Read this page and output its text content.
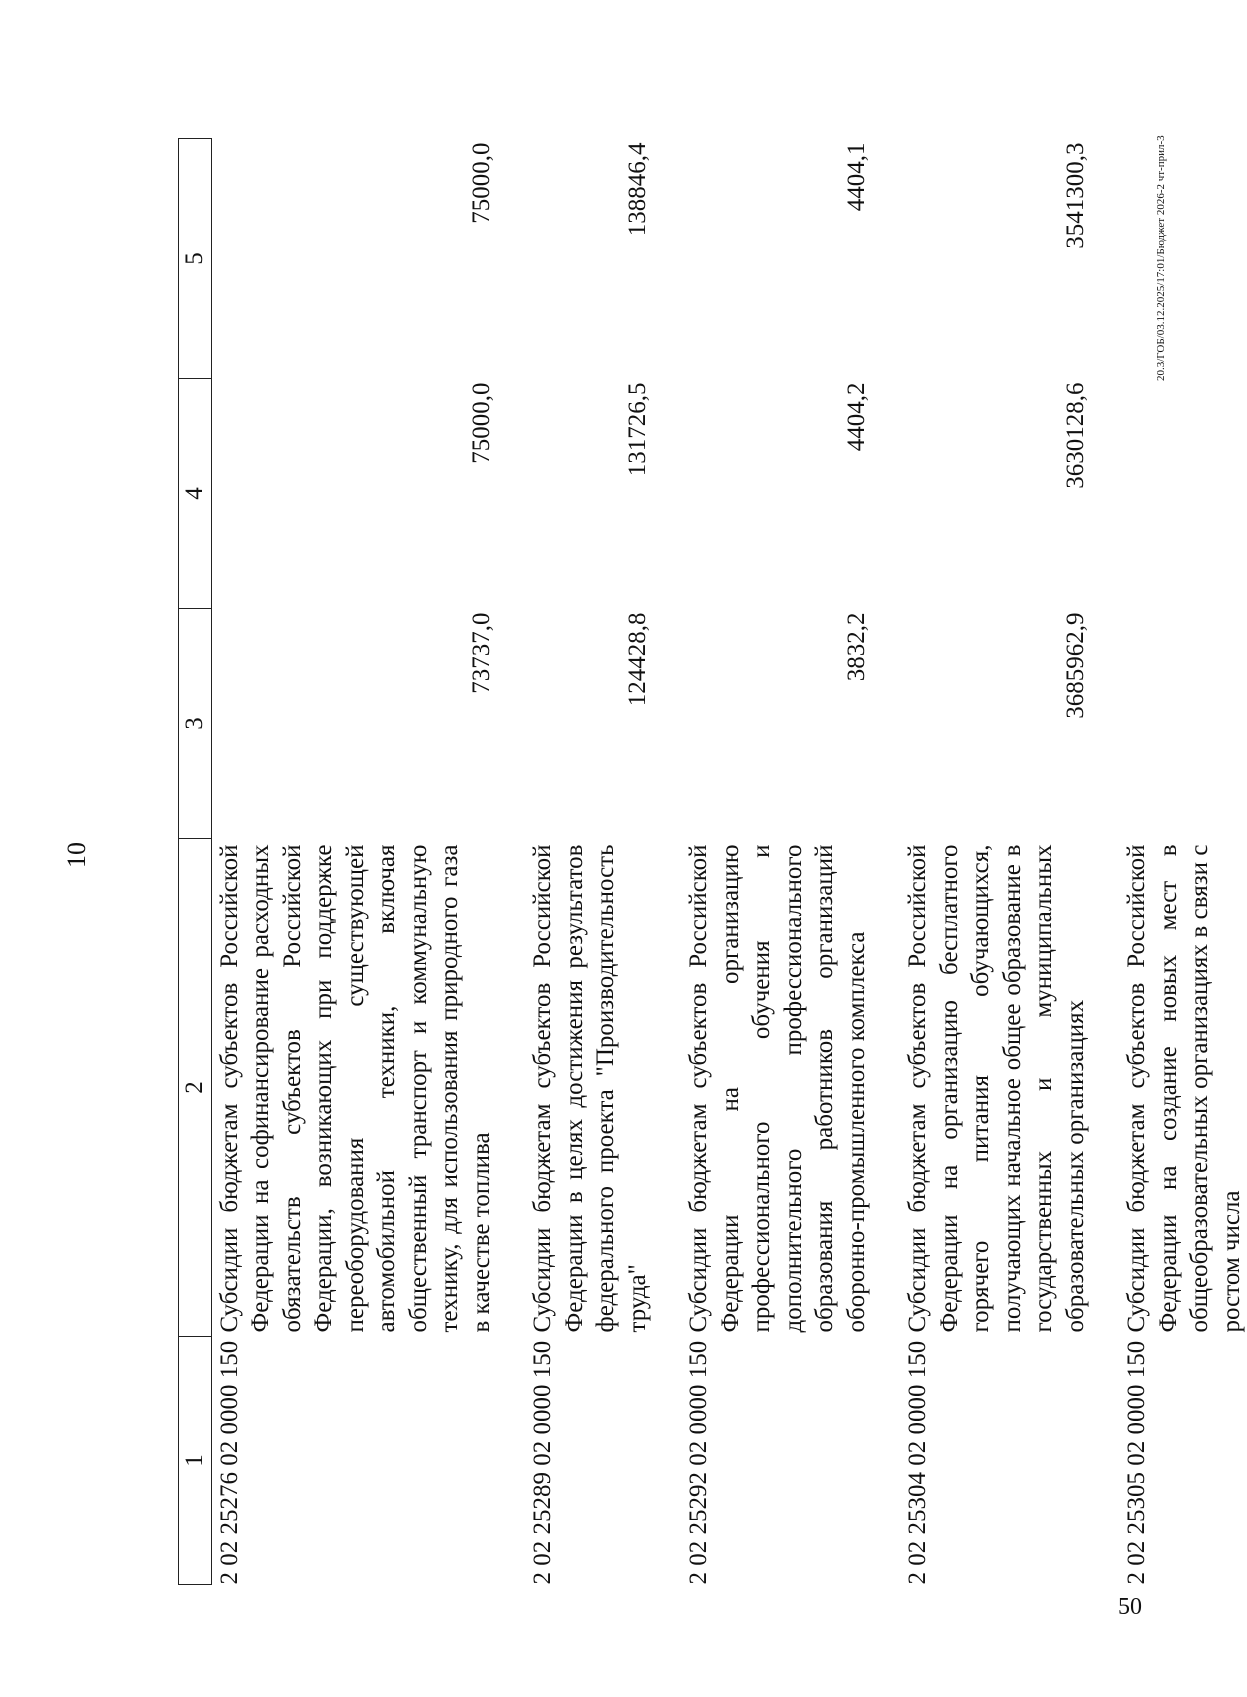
10
1	2	3	4	5
2 02 25276 02 0000 150	Субсидии бюджетам субъектов Российской Федерации на софинансирование расходных обязательств субъектов Российской Федерации, возникающих при поддержке переоборудования существующей автомобильной техники, включая общественный транспорт и коммунальную технику, для использования природного газа в качестве топлива	73737,0	75000,0	75000,0
2 02 25289 02 0000 150	Субсидии бюджетам субъектов Российской Федерации в целях достижения результатов федерального проекта "Производительность труда"	124428,8	131726,5	138846,4
2 02 25292 02 0000 150	Субсидии бюджетам субъектов Российской Федерации на организацию профессионального обучения и дополнительного профессионального образования работников организаций оборонно-промышленного комплекса	3832,2	4404,2	4404,1
2 02 25304 02 0000 150	Субсидии бюджетам субъектов Российской Федерации на организацию бесплатного горячего питания обучающихся, получающих начальное общее образование в государственных и муниципальных образовательных организациях	3685962,9	3630128,6	3541300,3
2 02 25305 02 0000 150	Субсидии бюджетам субъектов Российской Федерации на создание новых мест в общеобразовательных организациях в связи с ростом числа			
20.3/ГОБ/03.12.2025/17:01/Бюджет 2026-2 чт-прил-3
50
